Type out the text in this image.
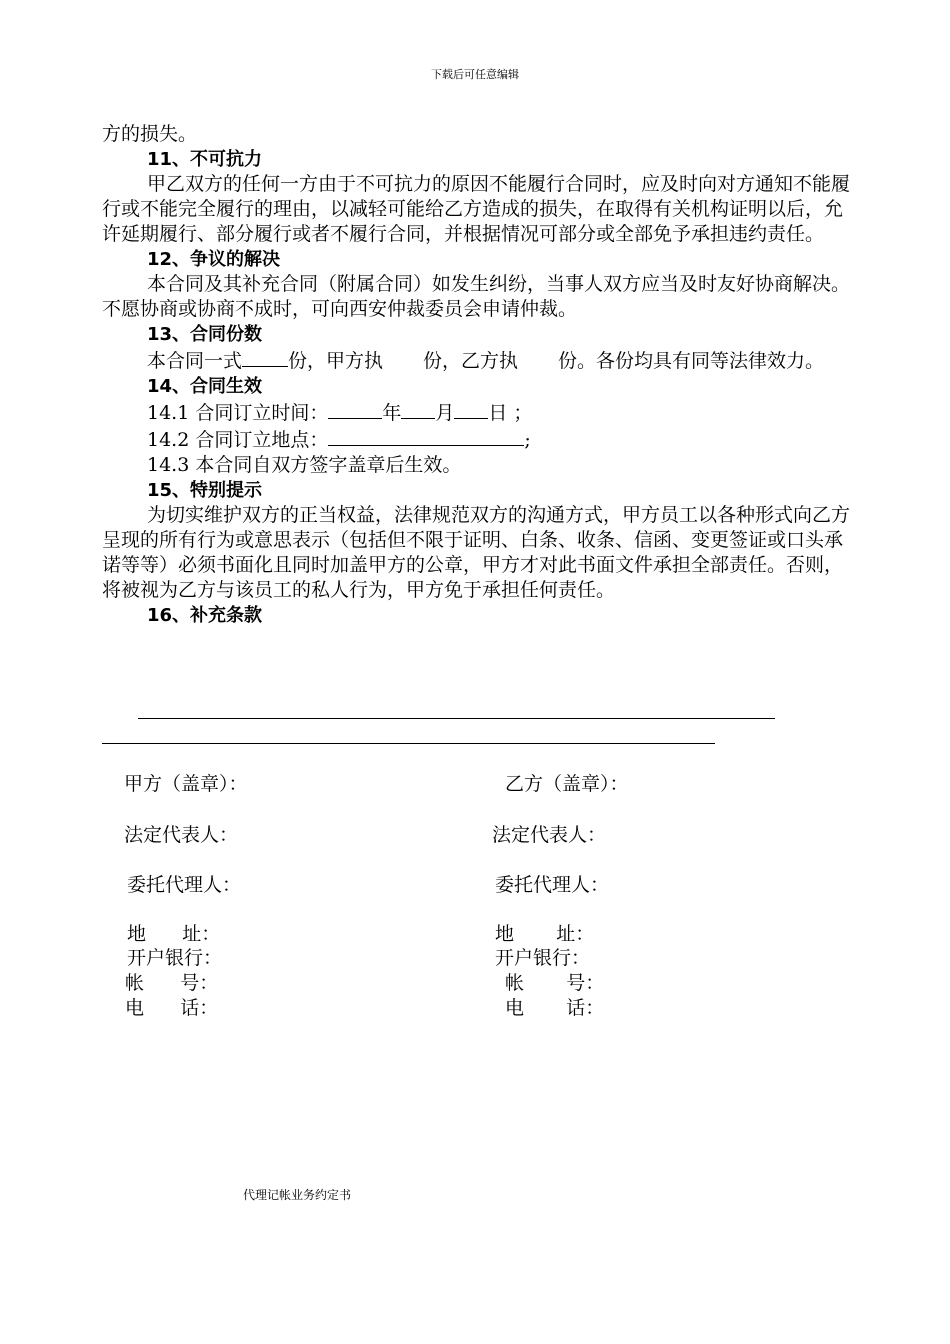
下载后可任意编辑

方的损失。

11、不可抗力

甲乙双方的任何一方由于不可抗力的原因不能履行合同时，应及时向对方通知不能履行或不能完全履行的理由，以减轻可能给乙方造成的损失，在取得有关机构证明以后，允许延期履行、部分履行或者不履行合同，并根据情况可部分或全部免予承担违约责任。

12、争议的解决

本合同及其补充合同（附属合同）如发生纠纷，当事人双方应当及时友好协商解决。不愿协商或协商不成时，可向西安仲裁委员会申请仲裁。

13、合同份数

本合同一式 份，甲方执 份，乙方执 份。各份均具有同等法律效力。

14、合同生效

14.1 合同订立时间：	年 月 日 ；

14.2 合同订立地点：	;

14.3 本合同自双方签字盖章后生效。

15、特别提示

为切实维护双方的正当权益，法律规范双方的沟通方式，甲方员工以各种形式向乙方呈现的所有行为或意思表示（包括但不限于证明、白条、收条、信函、变更签证或口头承诺等等）必须书面化且同时加盖甲方的公章，甲方才对此书面文件承担全部责任。否则，将被视为乙方与该员工的私人行为，甲方免于承担任何责任。

16、补充条款

甲方（盖章）：	乙方（盖章）：
法定代表人：	法定代表人：
委托代理人：	委托代理人：
地      址：	地       址：
开户银行：	开户银行：
帐      号：	帐       号：
电      话：	电       话：
代理记帐业务约定书
